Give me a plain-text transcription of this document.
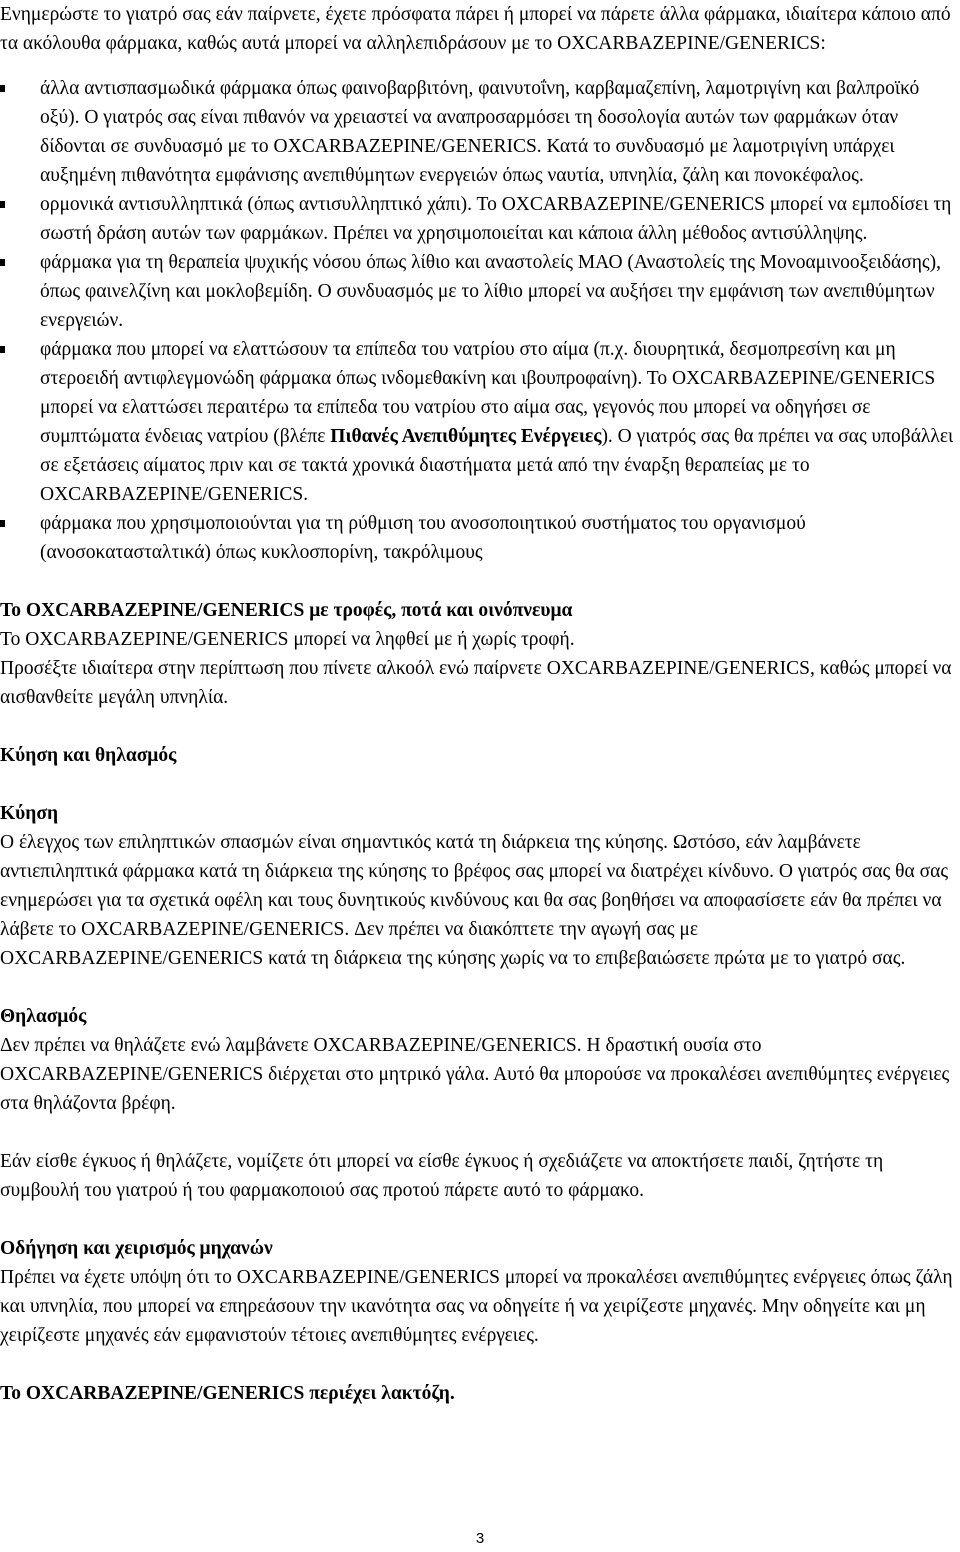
Ενημερώστε το γιατρό σας εάν παίρνετε, έχετε πρόσφατα πάρει ή μπορεί να πάρετε άλλα φάρμακα, ιδιαίτερα κάποιο από τα ακόλουθα φάρμακα, καθώς αυτά μπορεί να αλληλεπιδράσουν με το OXCARBAZEPINE/GENERICS:

άλλα αντισπασμωδικά φάρμακα όπως φαινοβαρβιτόνη, φαινυτοΐνη, καρβαμαζεπίνη, λαμοτριγίνη και βαλπροϊκό οξύ). Ο γιατρός σας είναι πιθανόν να χρειαστεί να αναπροσαρμόσει τη δοσολογία αυτών των φαρμάκων όταν δίδονται σε συνδυασμό με το OXCARBAZEPINE/GENERICS. Κατά το συνδυασμό με λαμοτριγίνη υπάρχει αυξημένη πιθανότητα εμφάνισης ανεπιθύμητων ενεργειών όπως ναυτία, υπνηλία, ζάλη και πονοκέφαλος.
ορμονικά αντισυλληπτικά (όπως αντισυλληπτικό χάπι). Το OXCARBAZEPINE/GENERICS μπορεί να εμποδίσει τη σωστή δράση αυτών των φαρμάκων. Πρέπει να χρησιμοποιείται και κάποια άλλη μέθοδος αντισύλληψης.
φάρμακα για τη θεραπεία ψυχικής νόσου όπως λίθιο και αναστολείς ΜΑΟ (Αναστολείς της Μονοαμινοοξειδάσης), όπως φαινελζίνη και μοκλοβεμίδη. Ο συνδυασμός με το λίθιο μπορεί να αυξήσει την εμφάνιση των ανεπιθύμητων ενεργειών.
φάρμακα που μπορεί να ελαττώσουν τα επίπεδα του νατρίου στο αίμα (π.χ. διουρητικά, δεσμοπρεσίνη και μη στεροειδή αντιφλεγμονώδη φάρμακα όπως ινδομεθακίνη και ιβουπροφαίνη). Το OXCARBAZEPINE/GENERICS μπορεί να ελαττώσει περαιτέρω τα επίπεδα του νατρίου στο αίμα σας, γεγονός που μπορεί να οδηγήσει σε συμπτώματα ένδειας νατρίου (βλέπε Πιθανές Ανεπιθύμητες Ενέργειες). Ο γιατρός σας θα πρέπει να σας υποβάλλει σε εξετάσεις αίματος πριν και σε τακτά χρονικά διαστήματα μετά από την έναρξη θεραπείας με το OXCARBAZEPINE/GENERICS.
φάρμακα που χρησιμοποιούνται για τη ρύθμιση του ανοσοποιητικού συστήματος του οργανισμού (ανοσοκατασταλτικά) όπως κυκλοσπορίνη, τακρόλιμους

Το OXCARBAZEPINE/GENERICS με τροφές, ποτά και οινόπνευμα

Το OXCARBAZEPINE/GENERICS μπορεί να ληφθεί με ή χωρίς τροφή.

Προσέξτε ιδιαίτερα στην περίπτωση που πίνετε αλκοόλ ενώ παίρνετε OXCARBAZEPINE/GENERICS, καθώς μπορεί να αισθανθείτε μεγάλη υπνηλία.

Κύηση και θηλασμός

Κύηση

Ο έλεγχος των επιληπτικών σπασμών είναι σημαντικός κατά τη διάρκεια της κύησης. Ωστόσο, εάν λαμβάνετε αντιεπιληπτικά φάρμακα κατά τη διάρκεια της κύησης το βρέφος σας μπορεί να διατρέχει κίνδυνο. Ο γιατρός σας θα σας ενημερώσει για τα σχετικά οφέλη και τους δυνητικούς κινδύνους και θα σας βοηθήσει να αποφασίσετε εάν θα πρέπει να λάβετε το OXCARBAZEPINE/GENERICS. Δεν πρέπει να διακόπτετε την αγωγή σας με OXCARBAZEPINE/GENERICS κατά τη διάρκεια της κύησης χωρίς να το επιβεβαιώσετε πρώτα με το γιατρό σας.

Θηλασμός

Δεν πρέπει να θηλάζετε ενώ λαμβάνετε OXCARBAZEPINE/GENERICS. Η δραστική ουσία στο OXCARBAZEPINE/GENERICS διέρχεται στο μητρικό γάλα. Αυτό θα μπορούσε να προκαλέσει ανεπιθύμητες ενέργειες στα θηλάζοντα βρέφη.

Εάν είσθε έγκυος ή θηλάζετε, νομίζετε ότι μπορεί να είσθε έγκυος ή σχεδιάζετε να αποκτήσετε παιδί, ζητήστε τη συμβουλή του γιατρού ή του φαρμακοποιού σας προτού πάρετε αυτό το φάρμακο.

Οδήγηση και χειρισμός μηχανών

Πρέπει να έχετε υπόψη ότι το OXCARBAZEPINE/GENERICS μπορεί να προκαλέσει ανεπιθύμητες ενέργειες όπως ζάλη και υπνηλία, που μπορεί να επηρεάσουν την ικανότητα σας να οδηγείτε ή να χειρίζεστε μηχανές. Μην οδηγείτε και μη χειρίζεστε μηχανές εάν εμφανιστούν τέτοιες ανεπιθύμητες ενέργειες.

Το OXCARBAZEPINE/GENERICS περιέχει λακτόζη.

3
